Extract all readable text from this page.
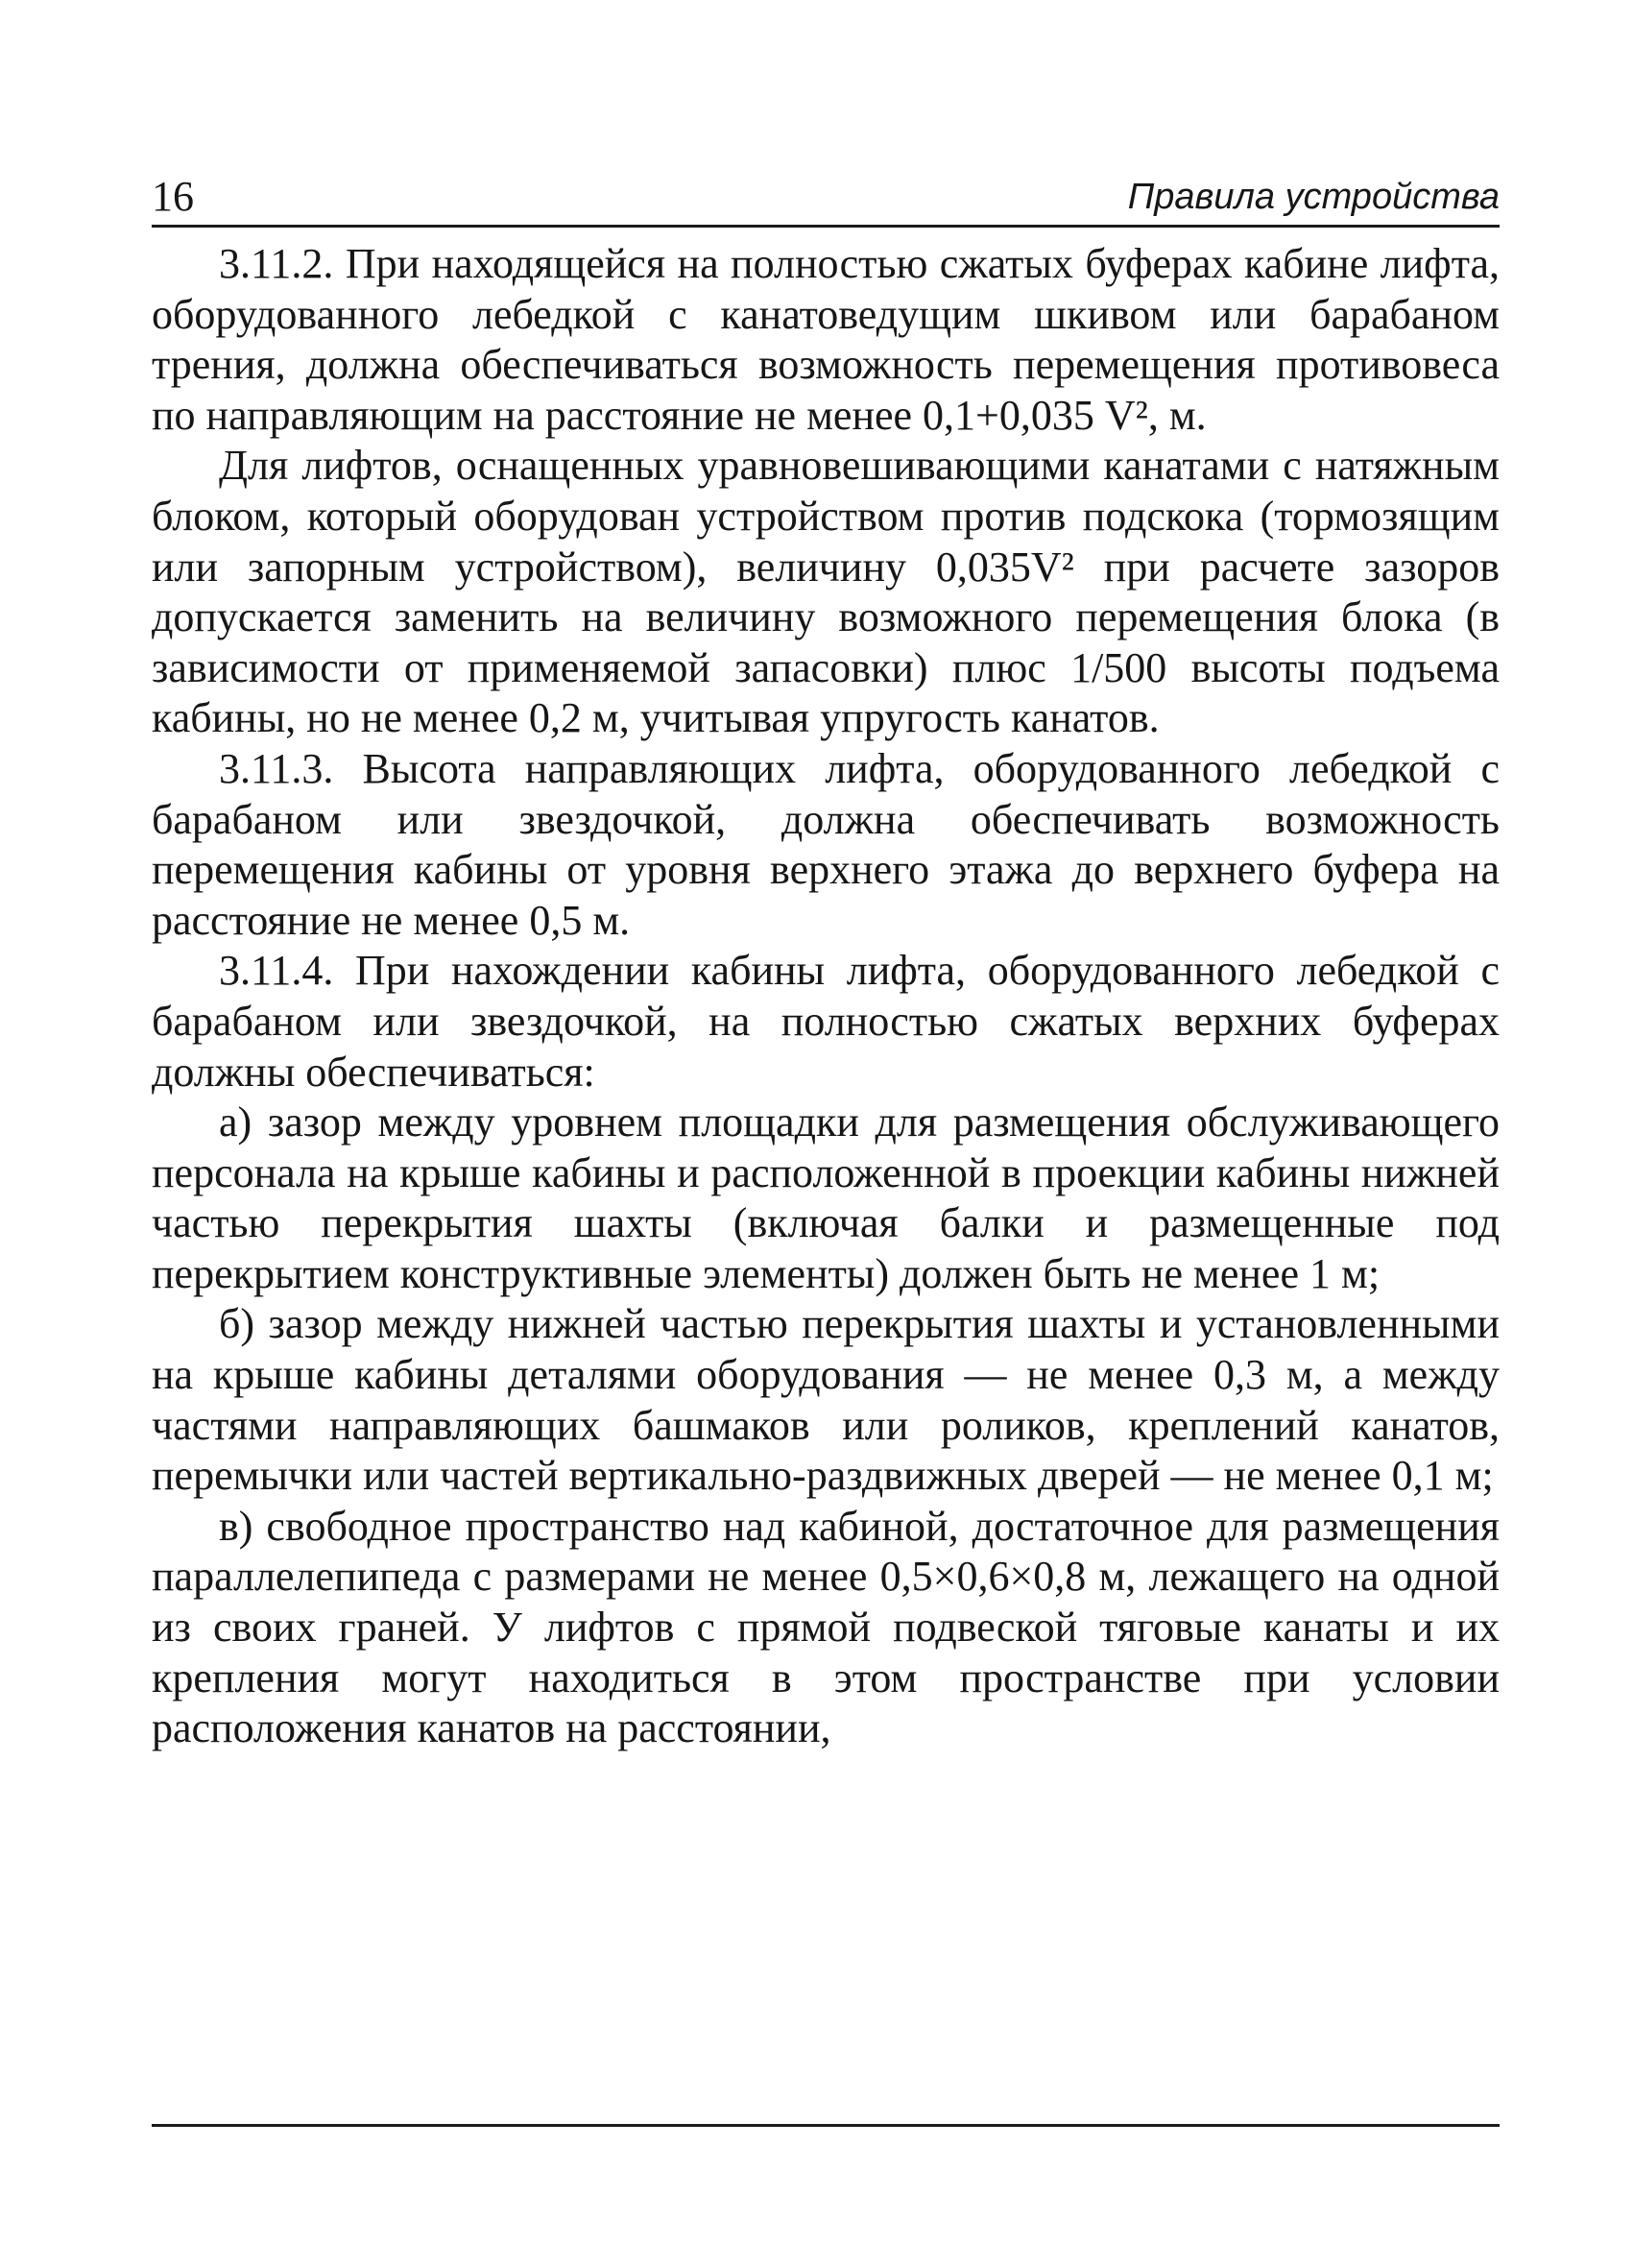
16	Правила устройства

3.11.2. При находящейся на полностью сжатых буферах кабине лифта, оборудованного лебедкой с канатоведущим шкивом или барабаном трения, должна обеспечиваться возможность перемещения противовеса по направляющим на расстояние не менее 0,1+0,035 V², м.

Для лифтов, оснащенных уравновешивающими канатами с натяжным блоком, который оборудован устройством против подскока (тормозящим или запорным устройством), величину 0,035V² при расчете зазоров допускается заменить на величину возможного перемещения блока (в зависимости от применяемой запасовки) плюс 1/500 высоты подъема кабины, но не менее 0,2 м, учитывая упругость канатов.

3.11.3. Высота направляющих лифта, оборудованного лебедкой с барабаном или звездочкой, должна обеспечивать возможность перемещения кабины от уровня верхнего этажа до верхнего буфера на расстояние не менее 0,5 м.

3.11.4. При нахождении кабины лифта, оборудованного лебедкой с барабаном или звездочкой, на полностью сжатых верхних буферах должны обеспечиваться:

а) зазор между уровнем площадки для размещения обслуживающего персонала на крыше кабины и расположенной в проекции кабины нижней частью перекрытия шахты (включая балки и размещенные под перекрытием конструктивные элементы) должен быть не менее 1 м;

б) зазор между нижней частью перекрытия шахты и установленными на крыше кабины деталями оборудования — не менее 0,3 м, а между частями направляющих башмаков или роликов, креплений канатов, перемычки или частей вертикально-раздвижных дверей — не менее 0,1 м;

в) свободное пространство над кабиной, достаточное для размещения параллелепипеда с размерами не менее 0,5×0,6×0,8 м, лежащего на одной из своих граней. У лифтов с прямой подвеской тяговые канаты и их крепления могут находиться в этом пространстве при условии расположения канатов на расстоянии,
